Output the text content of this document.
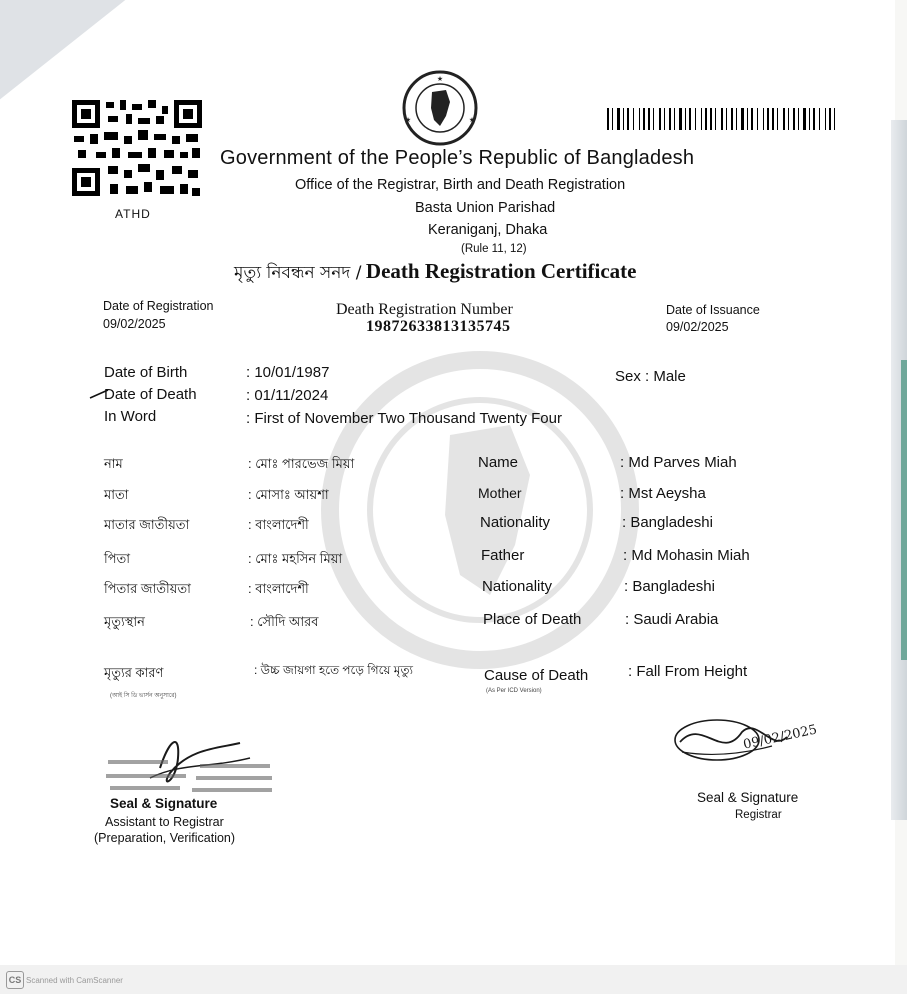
ATHD
★
★	★
Government of the People’s Republic of Bangladesh
Office of the Registrar, Birth and Death Registration
Basta Union Parishad
Keraniganj, Dhaka
(Rule 11, 12)
মৃত্যু নিবন্ধন সনদ / Death Registration Certificate
Date of Registration
09/02/2025
Death Registration Number
19872633813135745
Date of Issuance
09/02/2025
Date of Birth	: 10/01/1987	Sex : Male
Date of Death	: 01/11/2024
In Word	: First of November Two Thousand Twenty Four
নাম	: মোঃ পারভেজ মিয়া	Name	: Md Parves Miah
মাতা	: মোসাঃ আয়শা	Mother	: Mst Aeysha
মাতার জাতীয়তা	: বাংলাদেশী	Nationality	: Bangladeshi
পিতা	: মোঃ মহসিন মিয়া	Father	: Md Mohasin Miah
পিতার জাতীয়তা	: বাংলাদেশী	Nationality	: Bangladeshi
মৃত্যুস্থান	: সৌদি আরব	Place of Death	: Saudi Arabia
মৃত্যুর কারণ	: উচ্চ জায়গা হতে পড়ে গিয়ে মৃত্যু	Cause of Death	: Fall From Height
(আই সি ডি ভার্সন অনুসারে)
(As Per ICD Version)
Seal & Signature
Assistant to Registrar
(Preparation, Verification)
09/02/2025
Seal & Signature
Registrar
CS Scanned with CamScanner
